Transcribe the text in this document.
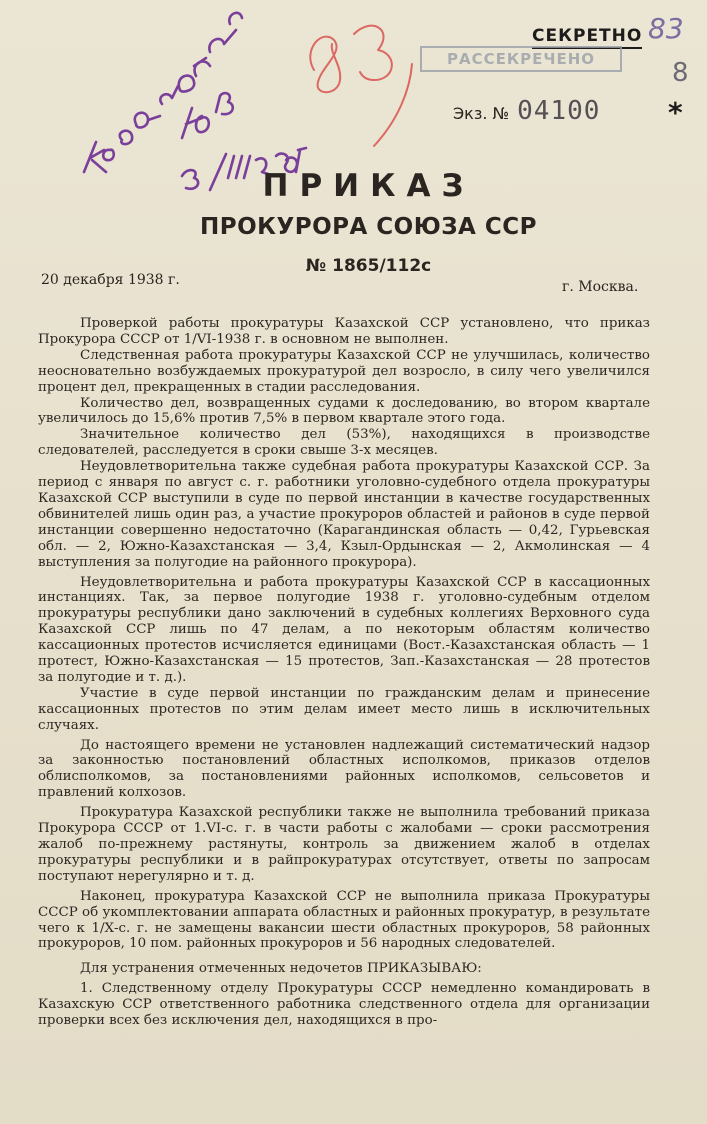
СЕКРЕТНО
РАССЕКРЕЧЕНО
83
8
Экз. № 04100 *
ПРИКАЗ
ПРОКУРОРА СОЮЗА ССР
№ 1865/112с
20 декабря 1938 г.	г. Москва.

Проверкой работы прокуратуры Казахской ССР установлено, что приказ Прокурора СССР от 1/VI-1938 г. в основном не выполнен.

Следственная работа прокуратуры Казахской ССР не улучшилась, количество неосновательно возбуждаемых прокуратурой дел возросло, в силу чего увеличился процент дел, прекращенных в стадии расследования.

Количество дел, возвращенных судами к доследованию, во втором квартале увеличилось до 15,6% против 7,5% в первом квартале этого года.

Значительное количество дел (53%), находящихся в производстве следователей, расследуется в сроки свыше 3-х месяцев.

Неудовлетворительна также судебная работа прокуратуры Казахской ССР. За период с января по август с. г. работники уголовно-судебного отдела прокуратуры Казахской ССР выступили в суде по первой инстанции в качестве государственных обвинителей лишь один раз, а участие прокуроров областей и районов в суде первой инстанции совершенно недостаточно (Карагандинская область — 0,42, Гурьевская обл. — 2, Южно-Казахстанская — 3,4, Кзыл-Ордынская — 2, Акмолинская — 4 выступления за полугодие на районного прокурора).

Неудовлетворительна и работа прокуратуры Казахской ССР в кассационных инстанциях. Так, за первое полугодие 1938 г. уголовно-судебным отделом прокуратуры республики дано заключений в судебных коллегиях Верховного суда Казахской ССР лишь по 47 делам, а по некоторым областям количество кассационных протестов исчисляется единицами (Вост.-Казахстанская область — 1 протест, Южно-Казахстанская — 15 протестов, Зап.-Казахстанская — 28 протестов за полугодие и т. д.).

Участие в суде первой инстанции по гражданским делам и принесение кассационных протестов по этим делам имеет место лишь в исключительных случаях.

До настоящего времени не установлен надлежащий систематический надзор за законностью постановлений областных исполкомов, приказов отделов облисполкомов, за постановлениями районных исполкомов, сельсоветов и правлений колхозов.

Прокуратура Казахской республики также не выполнила требований приказа Прокурора СССР от 1.VI-с. г. в части работы с жалобами — сроки рассмотрения жалоб по-прежнему растянуты, контроль за движением жалоб в отделах прокуратуры республики и в райпрокуратурах отсутствует, ответы по запросам поступают нерегулярно и т. д.

Наконец, прокуратура Казахской ССР не выполнила приказа Прокуратуры СССР об укомплектовании аппарата областных и районных прокуратур, в результате чего к 1/Х-с. г. не замещены вакансии шести областных прокуроров, 58 районных прокуроров, 10 пом. районных прокуроров и 56 народных следователей.

Для устранения отмеченных недочетов ПРИКАЗЫВАЮ:

1. Следственному отделу Прокуратуры СССР немедленно командировать в Казахскую ССР ответственного работника следственного отдела для организации проверки всех без исключения дел, находящихся в про-
